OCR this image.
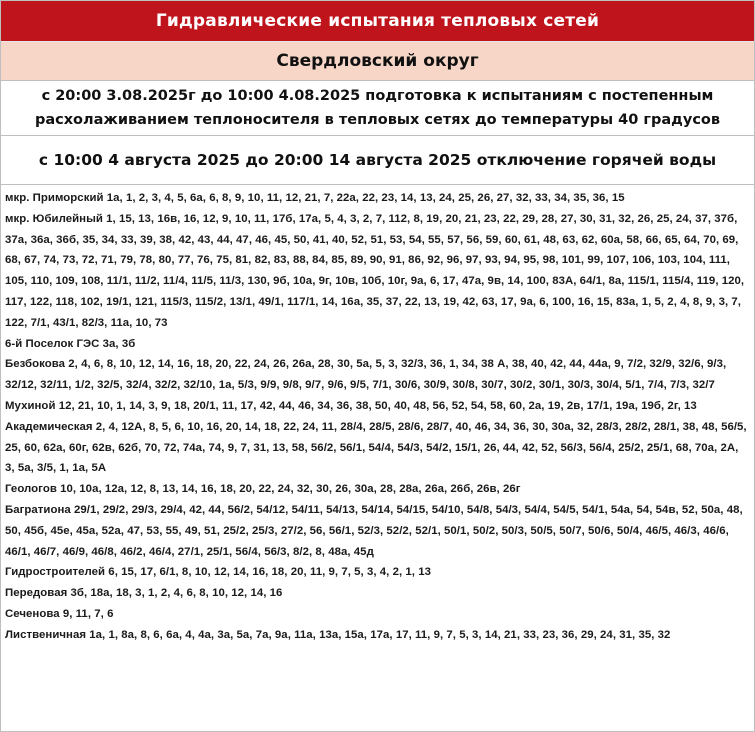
Гидравлические испытания тепловых сетей
Свердловский округ
с 20:00 3.08.2025г до 10:00 4.08.2025 подготовка к испытаниям с постепенным
расхолаживанием теплоносителя в тепловых сетях до температуры 40 градусов
с 10:00 4 августа 2025 до 20:00 14 августа 2025 отключение горячей воды
мкр. Приморский 1а, 1, 2, 3, 4, 5, 6а, 6, 8, 9, 10, 11, 12, 21, 7, 22а, 22, 23, 14, 13, 24, 25, 26, 27, 32, 33, 34, 35, 36, 15
мкр. Юбилейный 1, 15, 13, 16в, 16, 12, 9, 10, 11, 17б, 17а, 5, 4, 3, 2, 7, 112, 8, 19, 20, 21, 23, 22, 29, 28, 27, 30, 31, 32, 26, 25, 24, 37, 37б, 37а, 36а, 36б, 35, 34, 33, 39, 38, 42, 43, 44, 47, 46, 45, 50, 41, 40, 52, 51, 53, 54, 55, 57, 56, 59, 60, 61, 48, 63, 62, 60а, 58, 66, 65, 64, 70, 69, 68, 67, 74, 73, 72, 71, 79, 78, 80, 77, 76, 75, 81, 82, 83, 88, 84, 85, 89, 90, 91, 86, 92, 96, 97, 93, 94, 95, 98, 101, 99, 107, 106, 103, 104, 111, 105, 110, 109, 108, 11/1, 11/2, 11/4, 11/5, 11/3, 130, 9б, 10а, 9г, 10в, 10б, 10г, 9а, 6, 17, 47а, 9в, 14, 100, 83А, 64/1, 8а, 115/1, 115/4, 119, 120, 117, 122, 118, 102, 19/1, 121, 115/3, 115/2, 13/1, 49/1, 117/1, 14, 16а, 35, 37, 22, 13, 19, 42, 63, 17, 9а, 6, 100, 16, 15, 83а, 1, 5, 2, 4, 8, 9, 3, 7, 122, 7/1, 43/1, 82/3, 11а, 10, 73
6-й Поселок ГЭС 3а, 3б
Безбокова 2, 4, 6, 8, 10, 12, 14, 16, 18, 20, 22, 24, 26, 26а, 28, 30, 5а, 5, 3, 32/3, 36, 1, 34, 38 А, 38, 40, 42, 44, 44а, 9, 7/2, 32/9, 32/6, 9/3, 32/12, 32/11, 1/2, 32/5, 32/4, 32/2, 32/10, 1а, 5/3, 9/9, 9/8, 9/7, 9/6, 9/5, 7/1, 30/6, 30/9, 30/8, 30/7, 30/2, 30/1, 30/3, 30/4, 5/1, 7/4, 7/3, 32/7
Мухиной 12, 21, 10, 1, 14, 3, 9, 18, 20/1, 11, 17, 42, 44, 46, 34, 36, 38, 50, 40, 48, 56, 52, 54, 58, 60, 2а, 19, 2в, 17/1, 19а, 19б, 2г, 13
Академическая 2, 4, 12А, 8, 5, 6, 10, 16, 20, 14, 18, 22, 24, 11, 28/4, 28/5, 28/6, 28/7, 40, 46, 34, 36, 30, 30а, 32, 28/3, 28/2, 28/1, 38, 48, 56/5, 25, 60, 62а, 60г, 62в, 62б, 70, 72, 74а, 74, 9, 7, 31, 13, 58, 56/2, 56/1, 54/4, 54/3, 54/2, 15/1, 26, 44, 42, 52, 56/3, 56/4, 25/2, 25/1, 68, 70а, 2А, 3, 5а, 3/5, 1, 1а, 5А
Геологов 10, 10а, 12а, 12, 8, 13, 14, 16, 18, 20, 22, 24, 32, 30, 26, 30а, 28, 28а, 26а, 26б, 26в, 26г
Багратиона 29/1, 29/2, 29/3, 29/4, 42, 44, 56/2, 54/12, 54/11, 54/13, 54/14, 54/15, 54/10, 54/8, 54/3, 54/4, 54/5, 54/1, 54а, 54, 54в, 52, 50а, 48, 50, 45б, 45е, 45а, 52а, 47, 53, 55, 49, 51, 25/2, 25/3, 27/2, 56, 56/1, 52/3, 52/2, 52/1, 50/1, 50/2, 50/3, 50/5, 50/7, 50/6, 50/4, 46/5, 46/3, 46/6, 46/1, 46/7, 46/9, 46/8, 46/2, 46/4, 27/1, 25/1, 56/4, 56/3, 8/2, 8, 48а, 45д
Гидростроителей 6, 15, 17, 6/1, 8, 10, 12, 14, 16, 18, 20, 11, 9, 7, 5, 3, 4, 2, 1, 13
Передовая 3б, 18а, 18, 3, 1, 2, 4, 6, 8, 10, 12, 14, 16
Сеченова 9, 11, 7, 6
Лиственичная 1а, 1, 8а, 8, 6, 6а, 4, 4а, 3а, 5а, 7а, 9а, 11а, 13а, 15а, 17а, 17, 11, 9, 7, 5, 3, 14, 21, 33, 23, 36, 29, 24, 31, 35, 32
